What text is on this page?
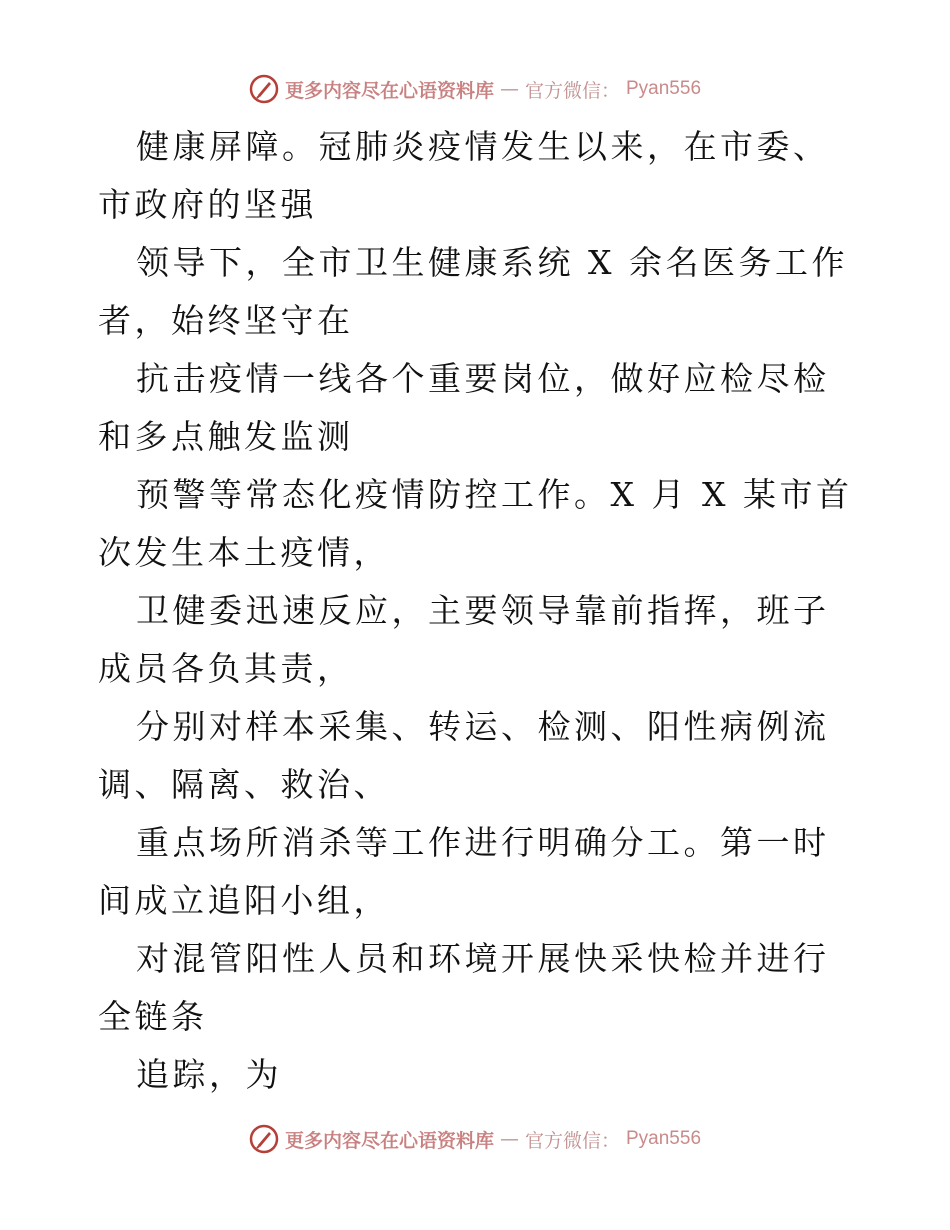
更多内容尽在心语资料库 — 官方微信： Pyan556

健康屏障。冠肺炎疫情发生以来，在市委、市政府的坚强

领导下，全市卫生健康系统 X 余名医务工作者，始终坚守在

抗击疫情一线各个重要岗位，做好应检尽检和多点触发监测

预警等常态化疫情防控工作。X 月 X 某市首次发生本土疫情，

卫健委迅速反应，主要领导靠前指挥，班子成员各负其责，

分别对样本采集、转运、检测、阳性病例流调、隔离、救治、

重点场所消杀等工作进行明确分工。第一时间成立追阳小组，

对混管阳性人员和环境开展快采快检并进行全链条

追踪，为

更多内容尽在心语资料库 — 官方微信： Pyan556
